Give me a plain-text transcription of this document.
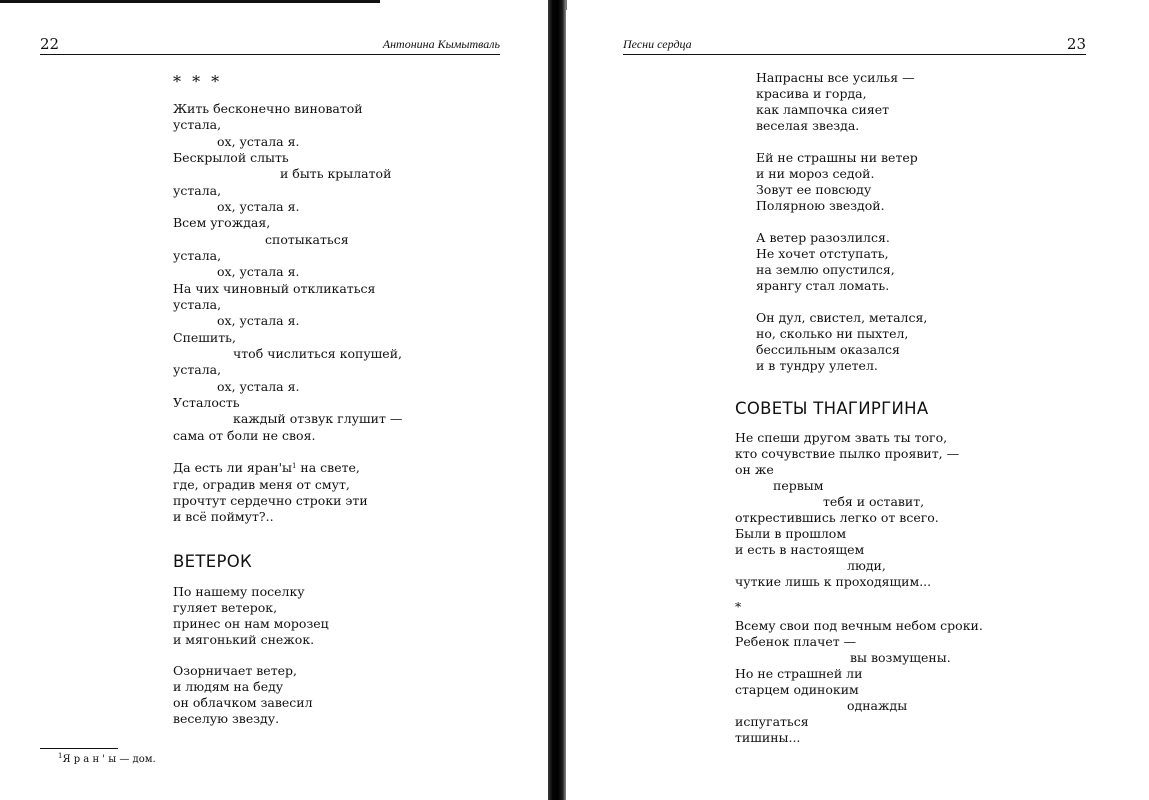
22	Антонина Кымытваль
* * *
Жить бесконечно виноватой
устала,
ох, устала я.
Бескрылой слыть
и быть крылатой
устала,
ох, устала я.
Всем угождая,
спотыкаться
устала,
ох, устала я.
На чих чиновный откликаться
устала,
ох, устала я.
Спешить,
чтоб числиться копушей,
устала,
ох, устала я.
Усталость
каждый отзвук глушит —
сама от боли не своя.
Да есть ли $яран'ы^1$ на свете,
где, оградив меня от смут,
прочтут сердечно строки эти
и всё поймут?..
ВЕТЕРОК
По нашему поселку
гуляет ветерок,
принес он нам морозец
и мягонький снежок.
Озорничает ветер,
и людям на беду
он облачком завесил
веселую звезду.
$^1$Я р а н ' ы — дом.
Песни сердца	23
Напрасны все усилья —
красива и горда,
как лампочка сияет
веселая звезда.
Ей не страшны ни ветер
и ни мороз седой.
Зовут ее повсюду
Полярною звездой.
А ветер разозлился.
Не хочет отступать,
на землю опустился,
ярангу стал ломать.
Он дул, свистел, метался,
но, сколько ни пыхтел,
бессильным оказался
и в тундру улетел.
СОВЕТЫ ТНАГИРГИНА
Не спеши другом звать ты того,
кто сочувствие пылко проявит, —
он же
первым
тебя и оставит,
открестившись легко от всего.
Были в прошлом
и есть в настоящем
люди,
чуткие лишь к проходящим...
*
Всему свои под вечным небом сроки.
Ребенок плачет —
вы возмущены.
Но не страшней ли
старцем одиноким
однажды
испугаться
тишины...
